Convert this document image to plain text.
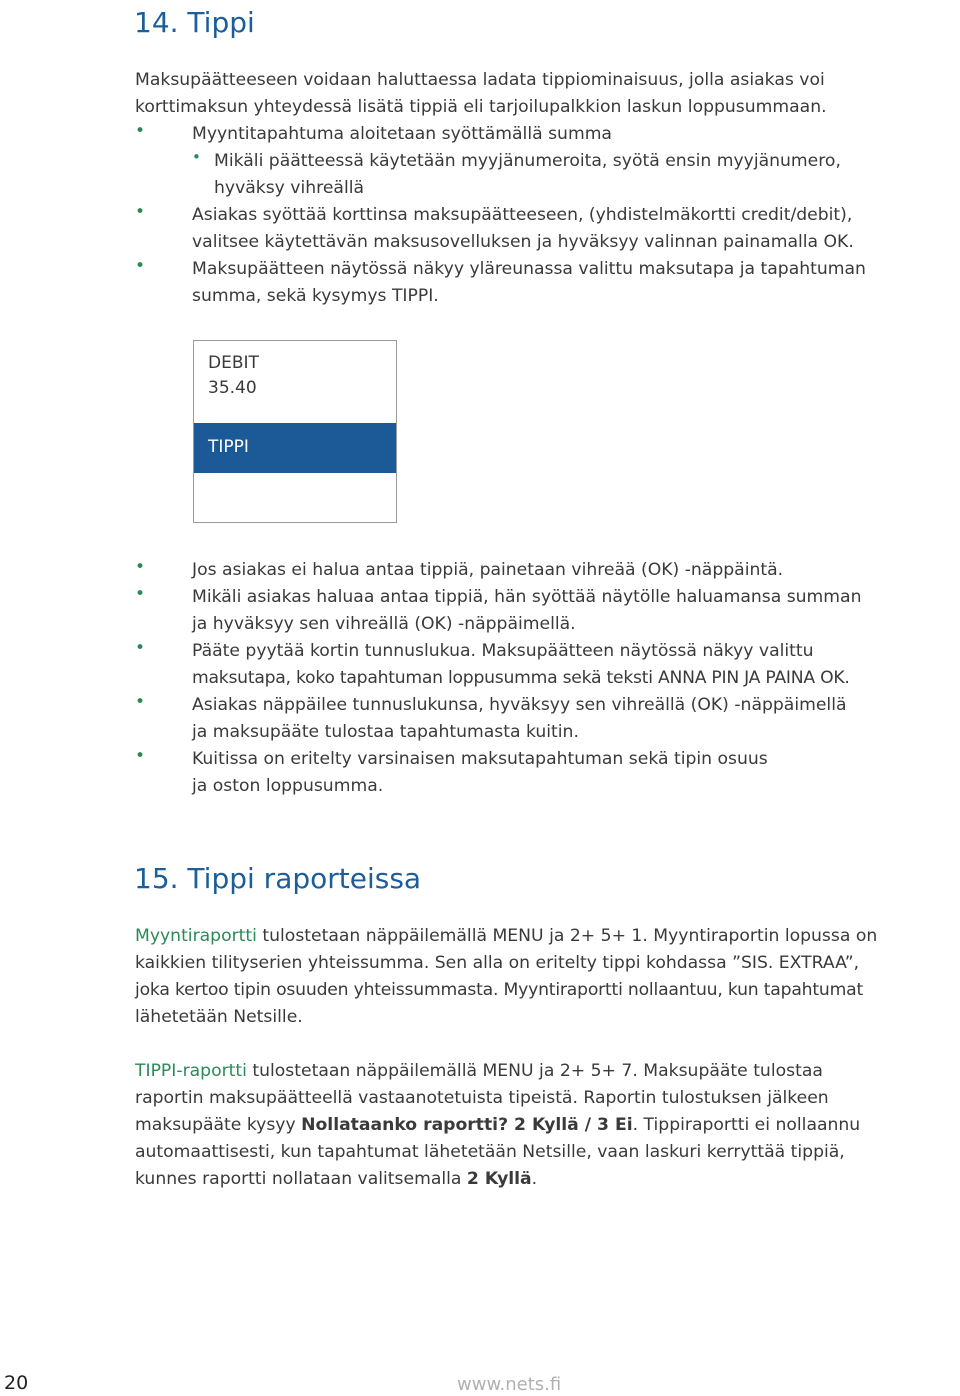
14. Tippi
Maksupäätteeseen voidaan haluttaessa ladata tippiominaisuus, jolla asiakas voi
korttimaksun yhteydessä lisätä tippiä eli tarjoilupalkkion laskun loppusummaan.
•	Myyntitapahtuma aloitetaan syöttämällä summa
• Mikäli päätteessä käytetään myyjänumeroita, syötä ensin myyjänumero,
hyväksy vihreällä
•	Asiakas syöttää korttinsa maksupäätteeseen, (yhdistelmäkortti credit/debit),
valitsee käytettävän maksusovelluksen ja hyväksyy valinnan painamalla OK.
•	Maksupäätteen näytössä näkyy yläreunassa valittu maksutapa ja tapahtuman
summa, sekä kysymys TIPPI.
DEBIT
35.40
TIPPI
•	Jos asiakas ei halua antaa tippiä, painetaan vihreää (OK) -näppäintä.
•	Mikäli asiakas haluaa antaa tippiä, hän syöttää näytölle haluamansa summan
ja hyväksyy sen vihreällä (OK) -näppäimellä.
•	Pääte pyytää kortin tunnuslukua. Maksupäätteen näytössä näkyy valittu
maksutapa, koko tapahtuman loppusumma sekä teksti ANNA PIN JA PAINA OK.
•	Asiakas näppäilee tunnuslukunsa, hyväksyy sen vihreällä (OK) -näppäimellä
ja maksupääte tulostaa tapahtumasta kuitin.
•	Kuitissa on eritelty varsinaisen maksutapahtuman sekä tipin osuus
ja oston loppusumma.
15. Tippi raporteissa
Myyntiraportti tulostetaan näppäilemällä MENU ja 2+ 5+ 1. Myyntiraportin lopussa on
kaikkien tilityserien yhteissumma. Sen alla on eritelty tippi kohdassa ”SIS. EXTRAA”,
joka kertoo tipin osuuden yhteissummasta. Myyntiraportti nollaantuu, kun tapahtumat
lähetetään Netsille.
TIPPI-raportti tulostetaan näppäilemällä MENU ja 2+ 5+ 7. Maksupääte tulostaa
raportin maksupäätteellä vastaanotetuista tipeistä. Raportin tulostuksen jälkeen
maksupääte kysyy Nollataanko raportti? 2 Kyllä / 3 Ei. Tippiraportti ei nollaannu
automaattisesti, kun tapahtumat lähetetään Netsille, vaan laskuri kerryttää tippiä,
kunnes raportti nollataan valitsemalla 2 Kyllä.
20	www.nets.fi
